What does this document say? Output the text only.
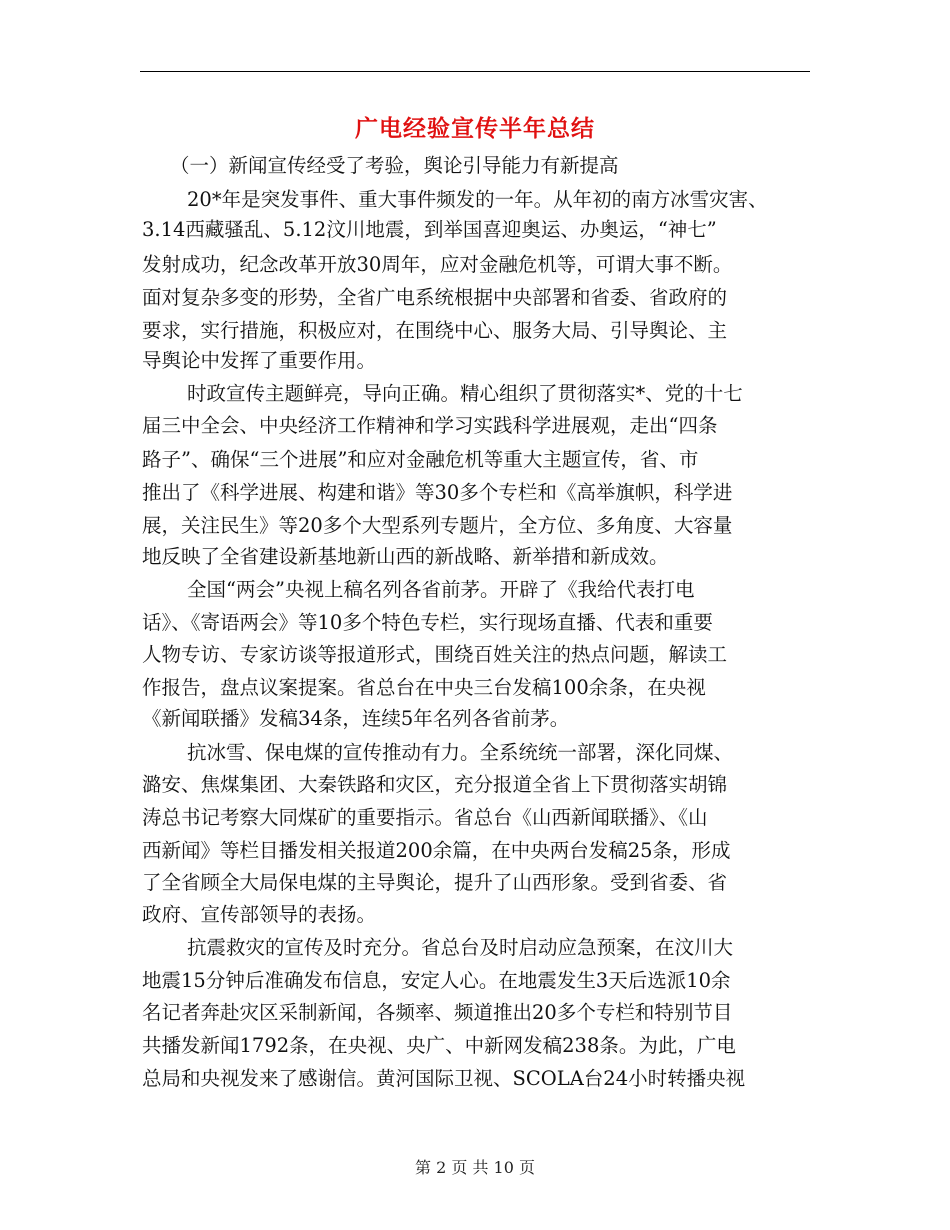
广电经验宣传半年总结
（一）新闻宣传经受了考验，舆论引导能力有新提高
20*年是突发事件、重大事件频发的一年。从年初的南方冰雪灾害、
3.14西藏骚乱、5.12汶川地震，到举国喜迎奥运、办奥运，“神七”
发射成功，纪念改革开放30周年，应对金融危机等，可谓大事不断。
面对复杂多变的形势，全省广电系统根据中央部署和省委、省政府的
要求，实行措施，积极应对，在围绕中心、服务大局、引导舆论、主
导舆论中发挥了重要作用。
时政宣传主题鲜亮，导向正确。精心组织了贯彻落实*、党的十七
届三中全会、中央经济工作精神和学习实践科学进展观，走出“四条
路子”、确保“三个进展”和应对金融危机等重大主题宣传，省、市
推出了《科学进展、构建和谐》等30多个专栏和《高举旗帜，科学进
展，关注民生》等20多个大型系列专题片，全方位、多角度、大容量
地反映了全省建设新基地新山西的新战略、新举措和新成效。
全国“两会”央视上稿名列各省前茅。开辟了《我给代表打电
话》、《寄语两会》等10多个特色专栏，实行现场直播、代表和重要
人物专访、专家访谈等报道形式，围绕百姓关注的热点问题，解读工
作报告，盘点议案提案。省总台在中央三台发稿100余条，在央视
《新闻联播》发稿34条，连续5年名列各省前茅。
抗冰雪、保电煤的宣传推动有力。全系统统一部署，深化同煤、
潞安、焦煤集团、大秦铁路和灾区，充分报道全省上下贯彻落实胡锦
涛总书记考察大同煤矿的重要指示。省总台《山西新闻联播》、《山
西新闻》等栏目播发相关报道200余篇，在中央两台发稿25条，形成
了全省顾全大局保电煤的主导舆论，提升了山西形象。受到省委、省
政府、宣传部领导的表扬。
抗震救灾的宣传及时充分。省总台及时启动应急预案，在汶川大
地震15分钟后准确发布信息，安定人心。在地震发生3天后选派10余
名记者奔赴灾区采制新闻，各频率、频道推出20多个专栏和特别节目
共播发新闻1792条，在央视、央广、中新网发稿238条。为此，广电
总局和央视发来了感谢信。黄河国际卫视、SCOLA台24小时转播央视
第 2 页 共 10 页
